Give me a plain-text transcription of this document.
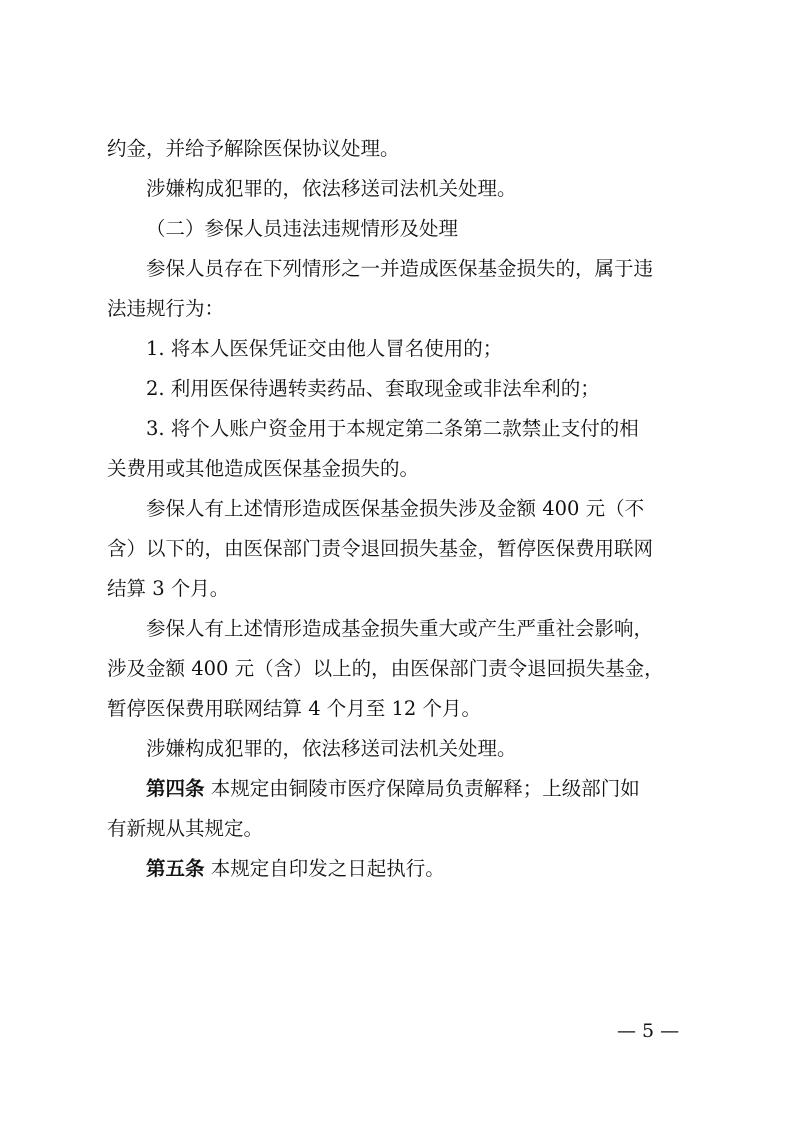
约金，并给予解除医保协议处理。
涉嫌构成犯罪的，依法移送司法机关处理。
（二）参保人员违法违规情形及处理
参保人员存在下列情形之一并造成医保基金损失的，属于违
法违规行为：
1. 将本人医保凭证交由他人冒名使用的；
2. 利用医保待遇转卖药品、套取现金或非法牟利的；
3. 将个人账户资金用于本规定第二条第二款禁止支付的相
关费用或其他造成医保基金损失的。
参保人有上述情形造成医保基金损失涉及金额 400 元（不
含）以下的，由医保部门责令退回损失基金，暂停医保费用联网
结算 3 个月。
参保人有上述情形造成基金损失重大或产生严重社会影响，
涉及金额 400 元（含）以上的，由医保部门责令退回损失基金，
暂停医保费用联网结算 4 个月至 12 个月。
涉嫌构成犯罪的，依法移送司法机关处理。
第四条 本规定由铜陵市医疗保障局负责解释；上级部门如
有新规从其规定。
第五条 本规定自印发之日起执行。
— 5 —
